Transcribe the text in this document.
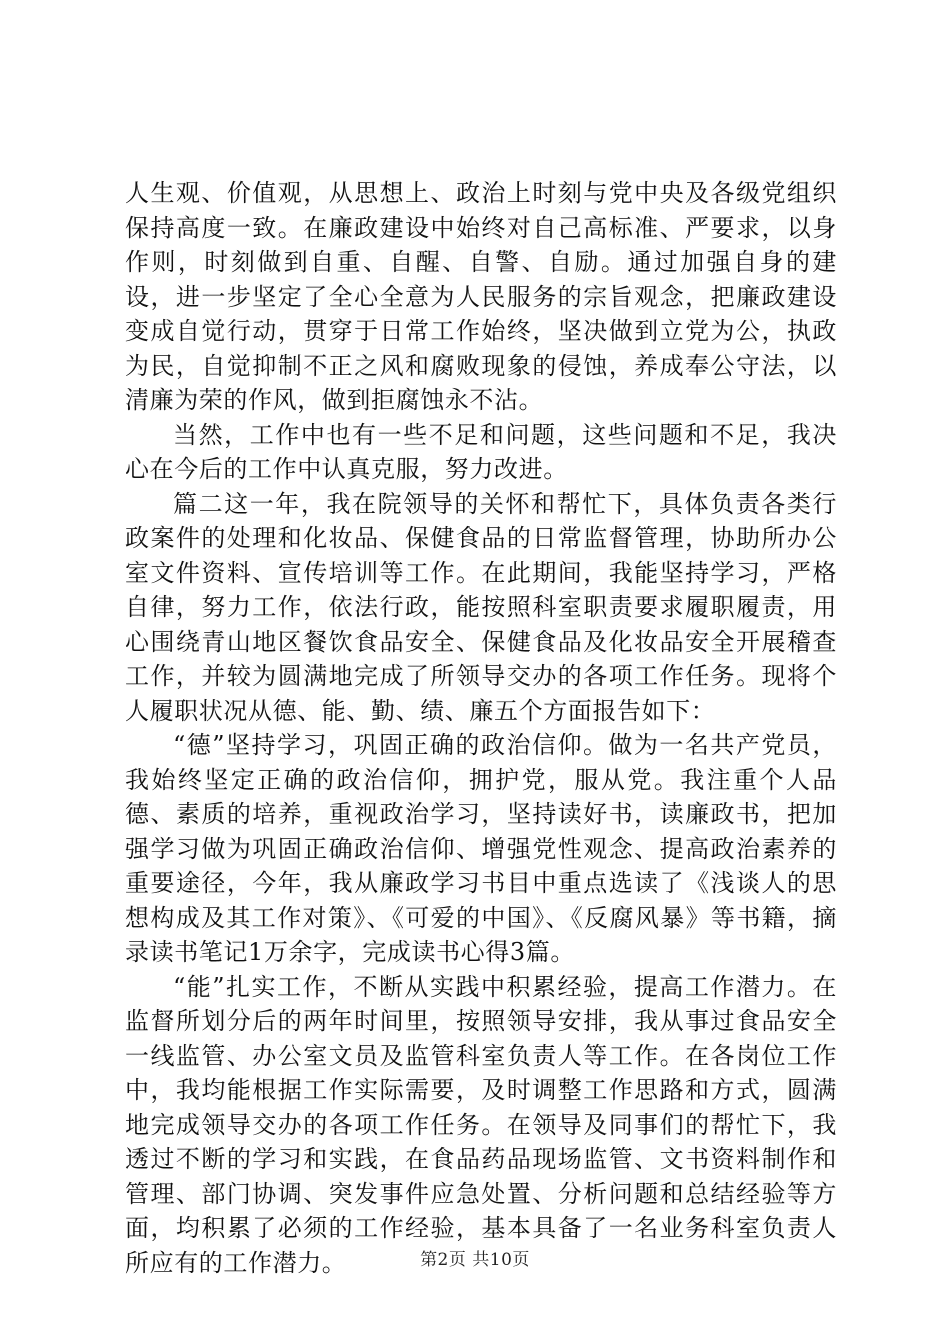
人生观、价值观，从思想上、政治上时刻与党中央及各级党组织保持高度一致。在廉政建设中始终对自己高标准、严要求，以身作则，时刻做到自重、自醒、自警、自励。通过加强自身的建设，进一步坚定了全心全意为人民服务的宗旨观念，把廉政建设变成自觉行动，贯穿于日常工作始终，坚决做到立党为公，执政为民，自觉抑制不正之风和腐败现象的侵蚀，养成奉公守法，以清廉为荣的作风，做到拒腐蚀永不沾。

当然，工作中也有一些不足和问题，这些问题和不足，我决心在今后的工作中认真克服，努力改进。

篇二这一年，我在院领导的关怀和帮忙下，具体负责各类行政案件的处理和化妆品、保健食品的日常监督管理，协助所办公室文件资料、宣传培训等工作。在此期间，我能坚持学习，严格自律，努力工作，依法行政，能按照科室职责要求履职履责，用心围绕青山地区餐饮食品安全、保健食品及化妆品安全开展稽查工作，并较为圆满地完成了所领导交办的各项工作任务。现将个人履职状况从德、能、勤、绩、廉五个方面报告如下：

“德”坚持学习，巩固正确的政治信仰。做为一名共产党员，我始终坚定正确的政治信仰，拥护党，服从党。我注重个人品德、素质的培养，重视政治学习，坚持读好书，读廉政书，把加强学习做为巩固正确政治信仰、增强党性观念、提高政治素养的重要途径，今年，我从廉政学习书目中重点选读了《浅谈人的思想构成及其工作对策》、《可爱的中国》、《反腐风暴》等书籍，摘录读书笔记1万余字，完成读书心得3篇。

“能”扎实工作，不断从实践中积累经验，提高工作潜力。在监督所划分后的两年时间里，按照领导安排，我从事过食品安全一线监管、办公室文员及监管科室负责人等工作。在各岗位工作中，我均能根据工作实际需要，及时调整工作思路和方式，圆满地完成领导交办的各项工作任务。在领导及同事们的帮忙下，我透过不断的学习和实践，在食品药品现场监管、文书资料制作和管理、部门协调、突发事件应急处置、分析问题和总结经验等方面，均积累了必须的工作经验，基本具备了一名业务科室负责人所应有的工作潜力。	第2页 共10页
